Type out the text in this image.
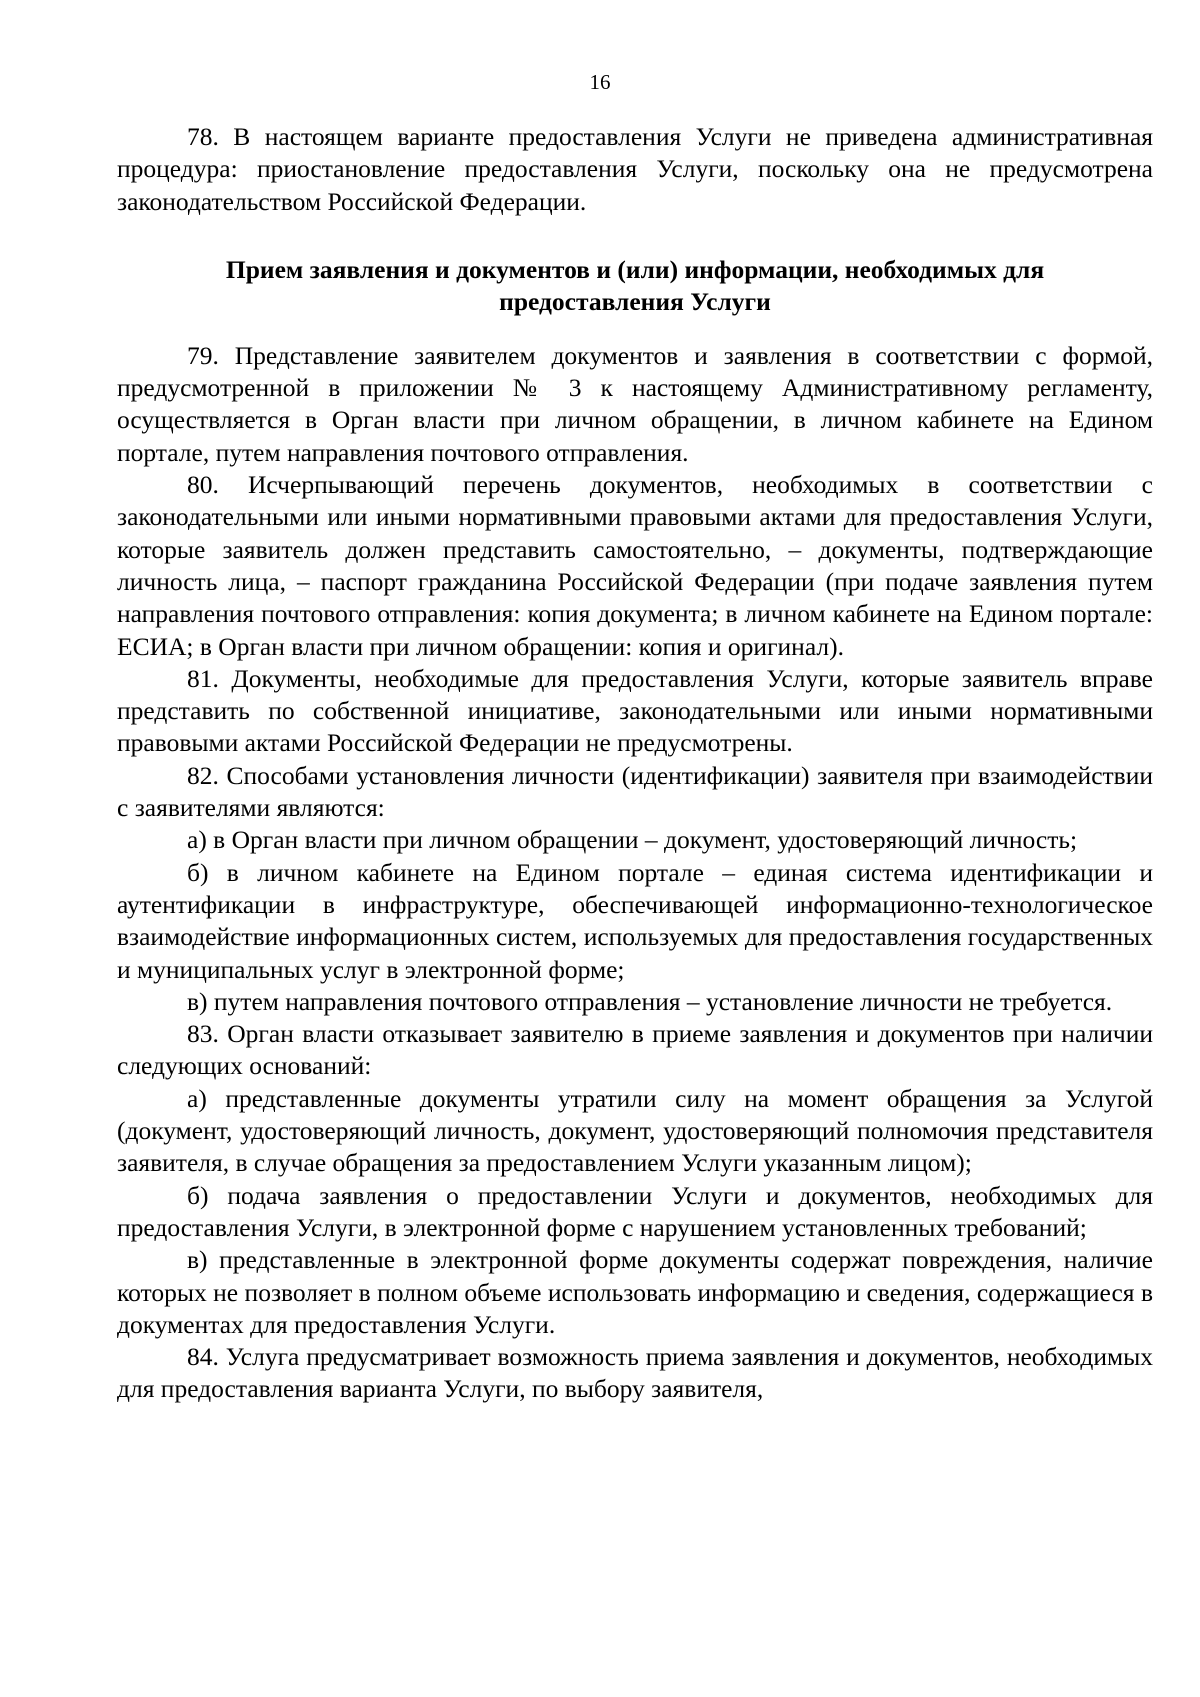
16

78. В настоящем варианте предоставления Услуги не приведена административная процедура: приостановление предоставления Услуги, поскольку она не предусмотрена законодательством Российской Федерации.

Прием заявления и документов и (или) информации, необходимых для
предоставления Услуги

79. Представление заявителем документов и заявления в соответствии с формой, предусмотренной в приложении № 3 к настоящему Административному регламенту, осуществляется в Орган власти при личном обращении, в личном кабинете на Едином портале, путем направления почтового отправления.

80. Исчерпывающий перечень документов, необходимых в соответствии с законодательными или иными нормативными правовыми актами для предоставления Услуги, которые заявитель должен представить самостоятельно, – документы, подтверждающие личность лица, – паспорт гражданина Российской Федерации (при подаче заявления путем направления почтового отправления: копия документа; в личном кабинете на Едином портале: ЕСИА; в Орган власти при личном обращении: копия и оригинал).

81. Документы, необходимые для предоставления Услуги, которые заявитель вправе представить по собственной инициативе, законодательными или иными нормативными правовыми актами Российской Федерации не предусмотрены.

82. Способами установления личности (идентификации) заявителя при взаимодействии с заявителями являются:

а) в Орган власти при личном обращении – документ, удостоверяющий личность;

б) в личном кабинете на Едином портале – единая система идентификации и аутентификации в инфраструктуре, обеспечивающей информационно-технологическое взаимодействие информационных систем, используемых для предоставления государственных и муниципальных услуг в электронной форме;

в) путем направления почтового отправления – установление личности не требуется.

83. Орган власти отказывает заявителю в приеме заявления и документов при наличии следующих оснований:

а) представленные документы утратили силу на момент обращения за Услугой (документ, удостоверяющий личность, документ, удостоверяющий полномочия представителя заявителя, в случае обращения за предоставлением Услуги указанным лицом);

б) подача заявления о предоставлении Услуги и документов, необходимых для предоставления Услуги, в электронной форме с нарушением установленных требований;

в) представленные в электронной форме документы содержат повреждения, наличие которых не позволяет в полном объеме использовать информацию и сведения, содержащиеся в документах для предоставления Услуги.

84. Услуга предусматривает возможность приема заявления и документов, необходимых для предоставления варианта Услуги, по выбору заявителя,
